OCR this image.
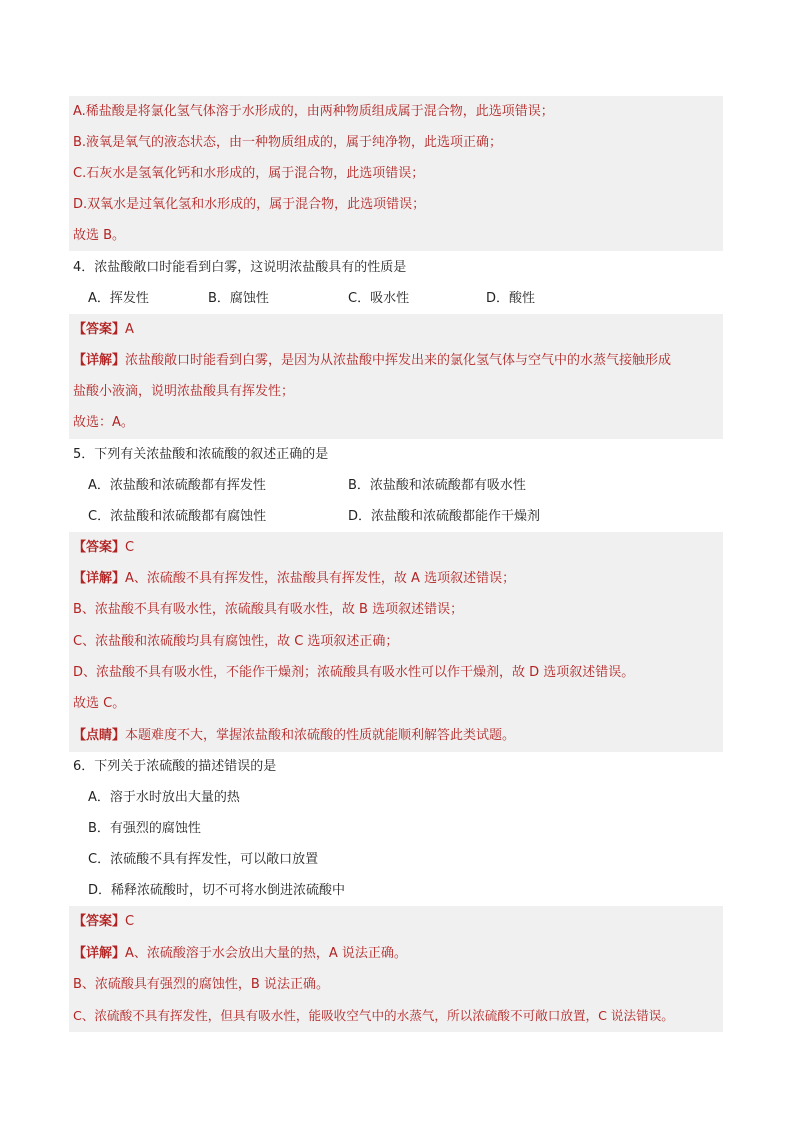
A.稀盐酸是将氯化氢气体溶于水形成的，由两种物质组成属于混合物，此选项错误；
B.液氧是氧气的液态状态，由一种物质组成的，属于纯净物，此选项正确；
C.石灰水是氢氧化钙和水形成的，属于混合物，此选项错误；
D.双氧水是过氧化氢和水形成的，属于混合物，此选项错误；
故选 B。
4．浓盐酸敞口时能看到白雾，这说明浓盐酸具有的性质是
A．挥发性	B．腐蚀性	C．吸水性	D．酸性
【答案】A
【详解】浓盐酸敞口时能看到白雾，是因为从浓盐酸中挥发出来的氯化氢气体与空气中的水蒸气接触形成
盐酸小液滴，说明浓盐酸具有挥发性；
故选：A。
5．下列有关浓盐酸和浓硫酸的叙述正确的是
A．浓盐酸和浓硫酸都有挥发性	B．浓盐酸和浓硫酸都有吸水性
C．浓盐酸和浓硫酸都有腐蚀性	D．浓盐酸和浓硫酸都能作干燥剂
【答案】C
【详解】A、浓硫酸不具有挥发性，浓盐酸具有挥发性，故 A 选项叙述错误；
B、浓盐酸不具有吸水性，浓硫酸具有吸水性，故 B 选项叙述错误；
C、浓盐酸和浓硫酸均具有腐蚀性，故 C 选项叙述正确；
D、浓盐酸不具有吸水性，不能作干燥剂；浓硫酸具有吸水性可以作干燥剂，故 D 选项叙述错误。
故选 C。
【点睛】本题难度不大，掌握浓盐酸和浓硫酸的性质就能顺利解答此类试题。
6．下列关于浓硫酸的描述错误的是
A．溶于水时放出大量的热
B．有强烈的腐蚀性
C．浓硫酸不具有挥发性，可以敞口放置
D．稀释浓硫酸时，切不可将水倒进浓硫酸中
【答案】C
【详解】A、浓硫酸溶于水会放出大量的热，A 说法正确。
B、浓硫酸具有强烈的腐蚀性，B 说法正确。
C、浓硫酸不具有挥发性，但具有吸水性，能吸收空气中的水蒸气，所以浓硫酸不可敞口放置，C 说法错误。
